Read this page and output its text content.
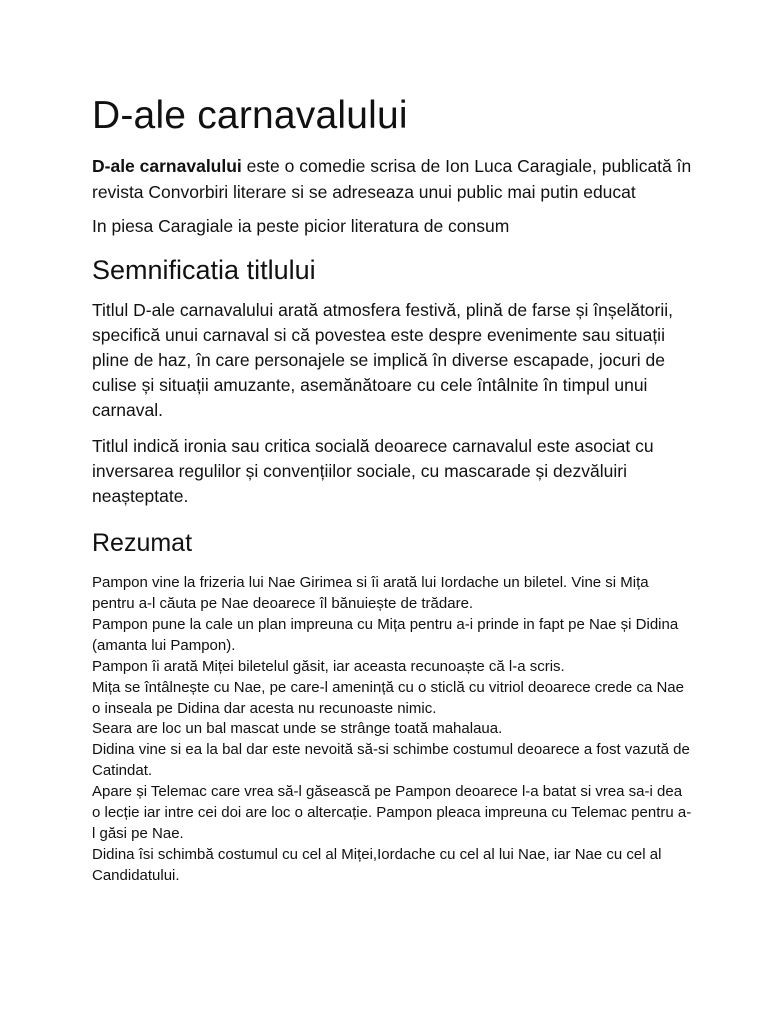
D-ale carnavalului

D-ale carnavalului este o comedie scrisa de Ion Luca Caragiale, publicată în revista Convorbiri literare si se adreseaza unui public mai putin educat

In piesa Caragiale ia peste picior literatura de consum

Semnificatia titlului

Titlul D-ale carnavalului arată atmosfera festivă, plină de farse și înșelătorii, specifică unui carnaval si că povestea este despre evenimente sau situații pline de haz, în care personajele se implică în diverse escapade, jocuri de culise și situații amuzante, asemănătoare cu cele întâlnite în timpul unui carnaval.

Titlul indică ironia sau critica socială deoarece carnavalul este asociat cu inversarea regulilor și convențiilor sociale, cu mascarade și dezvăluiri neașteptate.

Rezumat
Pampon vine la frizeria lui Nae Girimea si îi arată lui Iordache un biletel. Vine si Mița pentru a-l căuta pe Nae deoarece îl bănuiește de trădare.
Pampon pune la cale un plan impreuna cu Mița pentru a-i prinde in fapt pe Nae și Didina (amanta lui Pampon).
Pampon îi arată Miței biletelul găsit, iar aceasta recunoaște că l-a scris.
Mița se întâlnește cu Nae, pe care-l amenință cu o sticlă cu vitriol deoarece crede ca Nae o inseala pe Didina dar acesta nu recunoaste nimic.
Seara are loc un bal mascat unde se strânge toată mahalaua.
Didina vine si ea la bal dar este nevoită să-si schimbe costumul deoarece a fost vazută de Catindat.
Apare și Telemac care vrea să-l găsească pe Pampon deoarece l-a batat si vrea sa-i dea o lecție iar intre cei doi are loc o altercație. Pampon pleaca impreuna cu Telemac pentru a-l găsi pe Nae.
Didina îsi schimbă costumul cu cel al Miței,Iordache cu cel al lui Nae, iar Nae cu cel al Candidatului.
